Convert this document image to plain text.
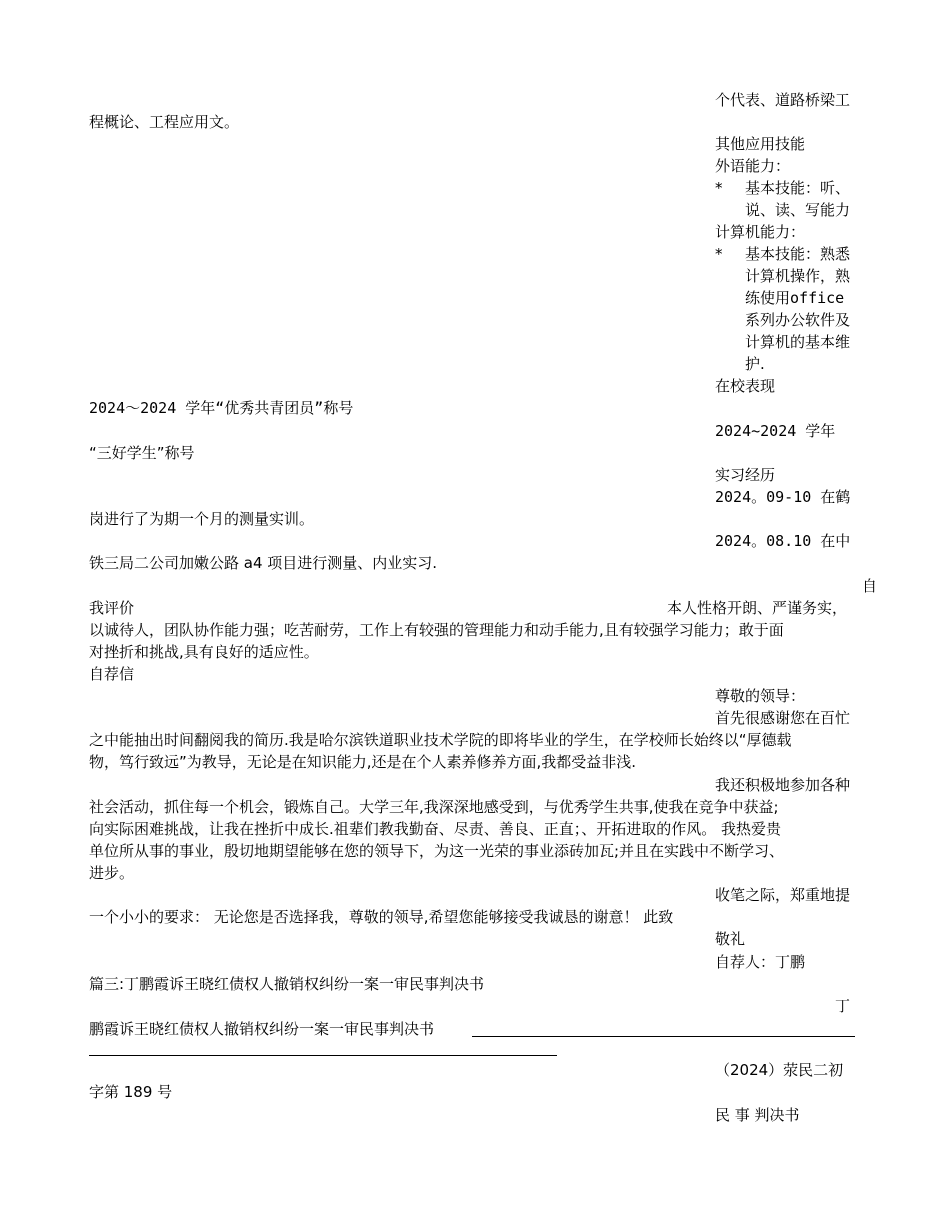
个代表、道路桥梁工

程概论、工程应用文。

其他应用技能

外语能力：

* 基本技能：听、

说、读、写能力

计算机能力：

* 基本技能：熟悉

计算机操作，熟

练使用office

系列办公软件及

计算机的基本维

护.

在校表现

2024～2024 学年“优秀共青团员”称号

2024~2024 学年

“三好学生”称号

实习经历

2024。09-10 在鹤

岗进行了为期一个月的测量实训。

2024。08.10 在中

铁三局二公司加嫩公路 a4 项目进行测量、内业实习.

自

我评价	本人性格开朗、严谨务实，

以诚待人，团队协作能力强；吃苦耐劳，工作上有较强的管理能力和动手能力,且有较强学习能力；敢于面

对挫折和挑战,具有良好的适应性。

自荐信

尊敬的领导：

首先很感谢您在百忙

之中能抽出时间翻阅我的简历.我是哈尔滨铁道职业技术学院的即将毕业的学生，在学校师长始终以“厚德载

物，笃行致远”为教导，无论是在知识能力,还是在个人素养修养方面,我都受益非浅.

我还积极地参加各种

社会活动，抓住每一个机会，锻炼自己。大学三年,我深深地感受到，与优秀学生共事,使我在竞争中获益;

向实际困难挑战，让我在挫折中成长.祖辈们教我勤奋、尽责、善良、正直；、开拓进取的作风。 我热爱贵

单位所从事的事业，殷切地期望能够在您的领导下，为这一光荣的事业添砖加瓦;并且在实践中不断学习、

进步。

收笔之际，郑重地提

一个小小的要求： 无论您是否选择我，尊敬的领导,希望您能够接受我诚恳的谢意！ 此致

敬礼

自荐人：丁鹏

篇三:丁鹏霞诉王晓红债权人撤销权纠纷一案一审民事判决书

丁

鹏霞诉王晓红债权人撤销权纠纷一案一审民事判决书

（2024）荥民二初

字第 189 号

民 事 判决书
